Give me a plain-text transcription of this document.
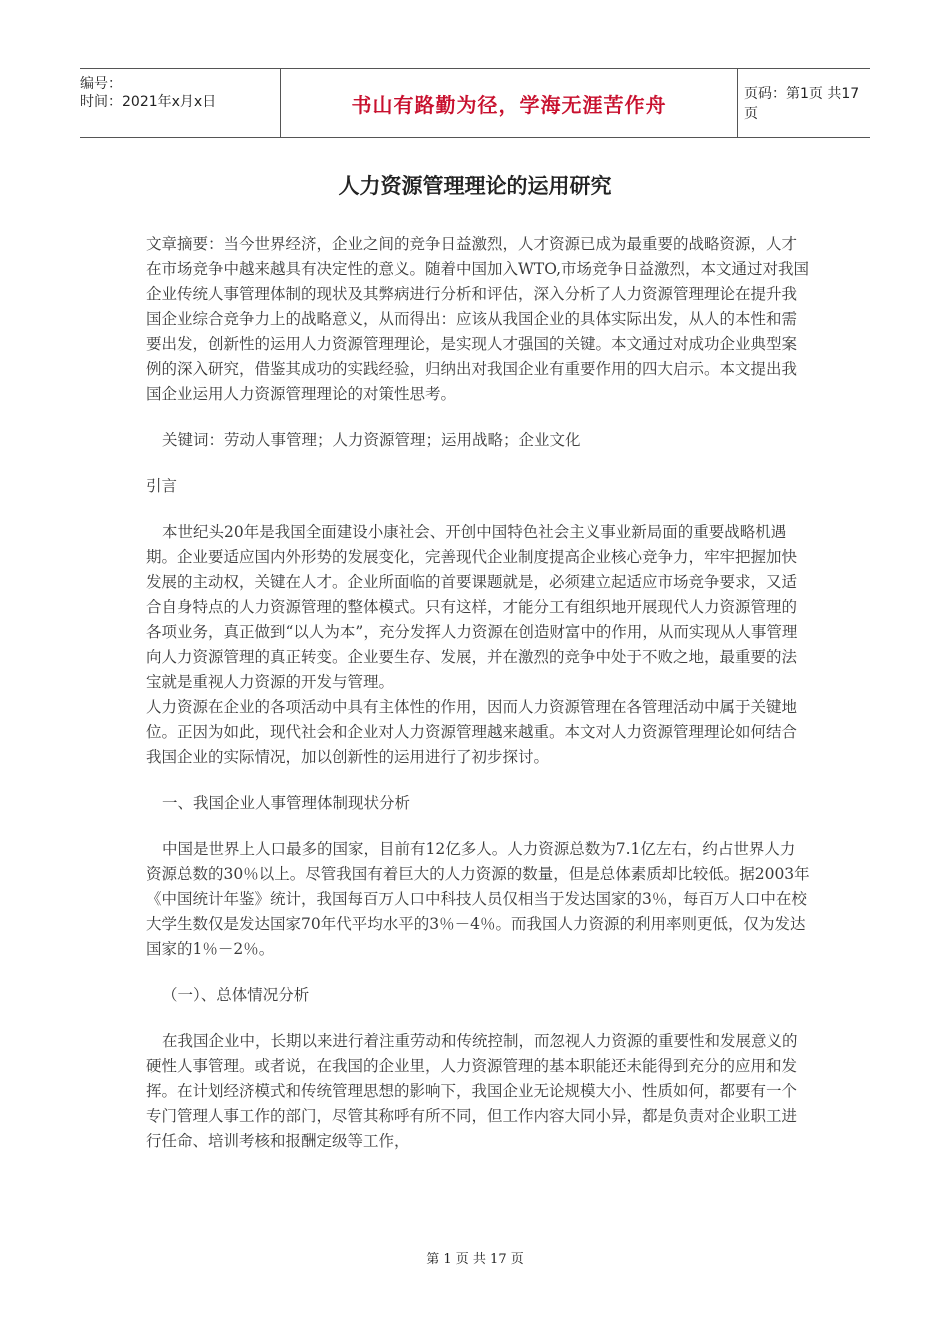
编号：
时间：2021年x月x日	书山有路勤为径，学海无涯苦作舟	页码：第1页 共17页
人力资源管理理论的运用研究

文章摘要：当今世界经济，企业之间的竞争日益激烈，人才资源已成为最重要的战略资源，人才在市场竞争中越来越具有决定性的意义。随着中国加入WTO,市场竞争日益激烈，本文通过对我国企业传统人事管理体制的现状及其弊病进行分析和评估，深入分析了人力资源管理理论在提升我国企业综合竞争力上的战略意义，从而得出：应该从我国企业的具体实际出发，从人的本性和需要出发，创新性的运用人力资源管理理论，是实现人才强国的关键。本文通过对成功企业典型案例的深入研究，借鉴其成功的实践经验，归纳出对我国企业有重要作用的四大启示。本文提出我国企业运用人力资源管理理论的对策性思考。

关键词：劳动人事管理；人力资源管理；运用战略；企业文化

引言

本世纪头20年是我国全面建设小康社会、开创中国特色社会主义事业新局面的重要战略机遇期。企业要适应国内外形势的发展变化，完善现代企业制度提高企业核心竞争力，牢牢把握加快发展的主动权，关键在人才。企业所面临的首要课题就是，必须建立起适应市场竞争要求，又适合自身特点的人力资源管理的整体模式。只有这样，才能分工有组织地开展现代人力资源管理的各项业务，真正做到“以人为本”，充分发挥人力资源在创造财富中的作用，从而实现从人事管理向人力资源管理的真正转变。企业要生存、发展，并在激烈的竞争中处于不败之地，最重要的法宝就是重视人力资源的开发与管理。

人力资源在企业的各项活动中具有主体性的作用，因而人力资源管理在各管理活动中属于关键地位。正因为如此，现代社会和企业对人力资源管理越来越重。本文对人力资源管理理论如何结合我国企业的实际情况，加以创新性的运用进行了初步探讨。

一、我国企业人事管理体制现状分析

中国是世界上人口最多的国家，目前有12亿多人。人力资源总数为7.1亿左右，约占世界人力资源总数的30％以上。尽管我国有着巨大的人力资源的数量，但是总体素质却比较低。据2003年《中国统计年鉴》统计，我国每百万人口中科技人员仅相当于发达国家的3％，每百万人口中在校大学生数仅是发达国家70年代平均水平的3％－4％。而我国人力资源的利用率则更低，仅为发达国家的1％－2％。

（一）、总体情况分析

在我国企业中，长期以来进行着注重劳动和传统控制，而忽视人力资源的重要性和发展意义的硬性人事管理。或者说，在我国的企业里，人力资源管理的基本职能还未能得到充分的应用和发挥。在计划经济模式和传统管理思想的影响下，我国企业无论规模大小、性质如何，都要有一个专门管理人事工作的部门，尽管其称呼有所不同，但工作内容大同小异，都是负责对企业职工进行任命、培训考核和报酬定级等工作，

第 1 页 共 17 页
